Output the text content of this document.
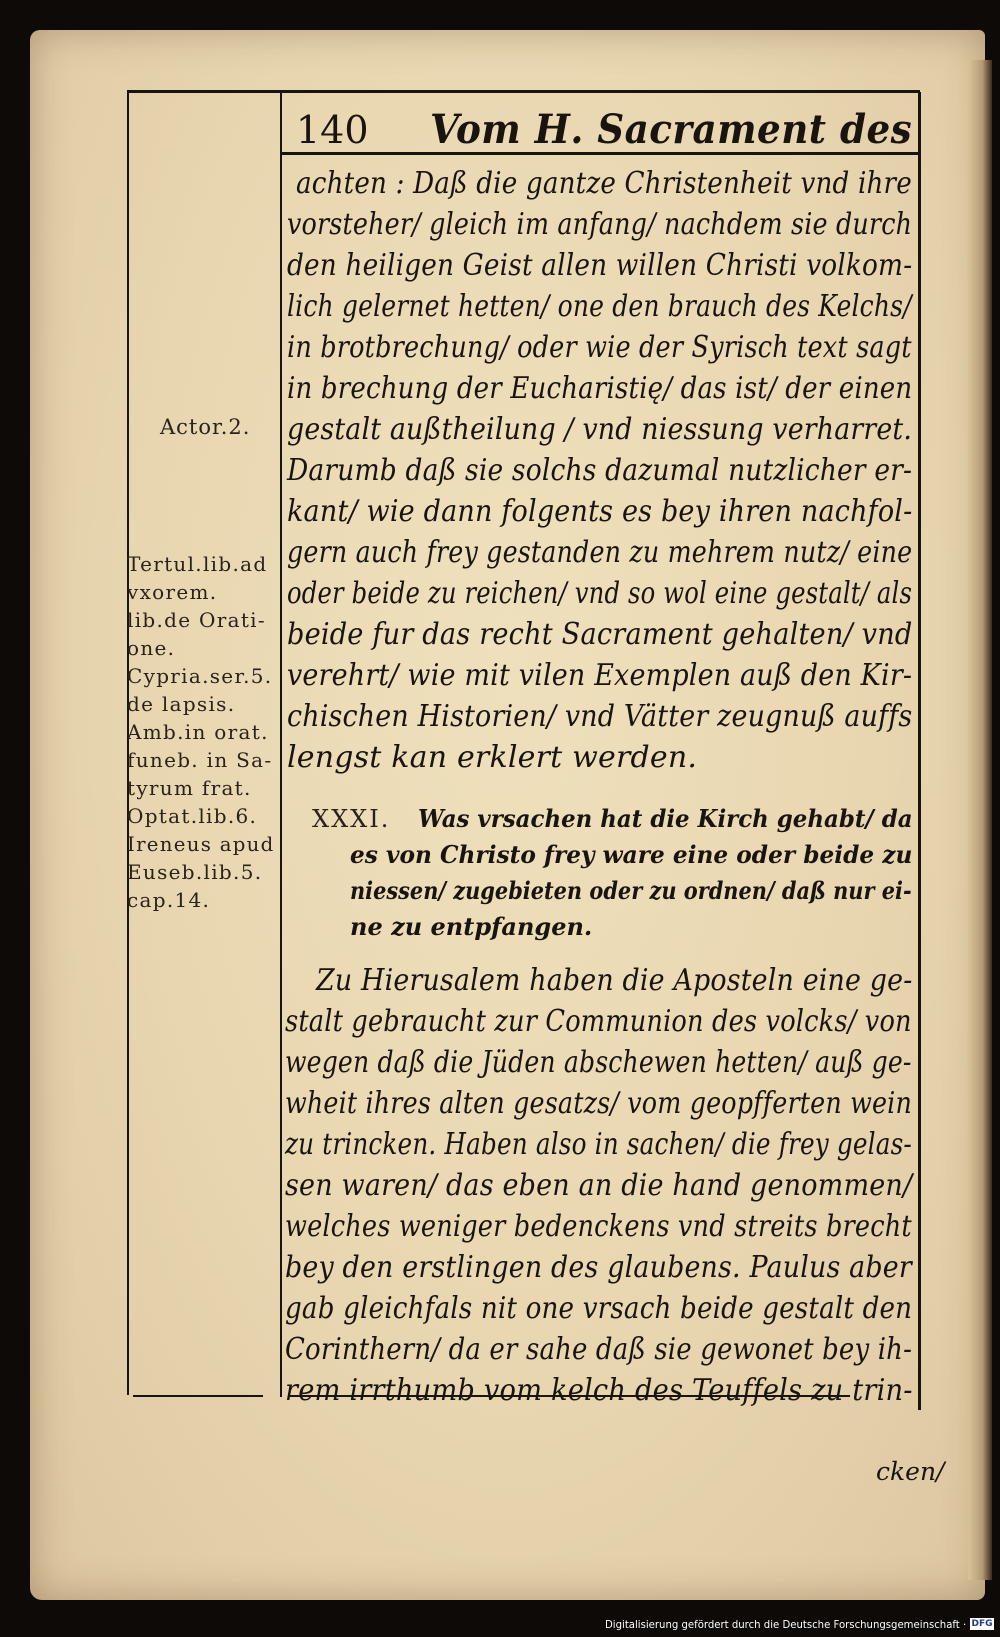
140 Vom H. Sacrament des
Actor.2.
Tertul.lib.ad
vxorem.
lib.de Orati-
one.
Cypria.ser.5.
de lapsis.
Amb.in orat.
funeb. in Sa-
tyrum frat.
Optat.lib.6.
Ireneus apud
Euseb.lib.5.
cap.14.
achten : Daß die gantze Christenheit vnd ihre
vorsteher/ gleich im anfang/ nachdem sie durch
den heiligen Geist allen willen Christi volkom-
lich gelernet hetten/ one den brauch des Kelchs/
in brotbrechung/ oder wie der Syrisch text sagt
in brechung der Eucharistię/ das ist/ der einen
gestalt außtheilung / vnd niessung verharret.
Darumb daß sie solchs dazumal nutzlicher er-
kant/ wie dann folgents es bey ihren nachfol-
gern auch frey gestanden zu mehrem nutz/ eine
oder beide zu reichen/ vnd so wol eine gestalt/ als
beide fur das recht Sacrament gehalten/ vnd
verehrt/ wie mit vilen Exemplen auß den Kir-
chischen Historien/ vnd Vätter zeugnuß auffs
lengst kan erklert werden.
XXXI. Was vrsachen hat die Kirch gehabt/ da
es von Christo frey ware eine oder beide zu
niessen/ zugebieten oder zu ordnen/ daß nur ei-
ne zu entpfangen.
Zu Hierusalem haben die Aposteln eine ge-
stalt gebraucht zur Communion des volcks/ von
wegen daß die Jüden abschewen hetten/ auß ge-
wheit ihres alten gesatzs/ vom geopfferten wein
zu trincken. Haben also in sachen/ die frey gelas-
sen waren/ das eben an die hand genommen/
welches weniger bedenckens vnd streits brecht
bey den erstlingen des glaubens. Paulus aber
gab gleichfals nit one vrsach beide gestalt den
Corinthern/ da er sahe daß sie gewonet bey ih-
rem irrthumb vom kelch des Teuffels zu trin-
cken/
Digitalisierung gefördert durch die Deutsche Forschungsgemeinschaft · DFG
